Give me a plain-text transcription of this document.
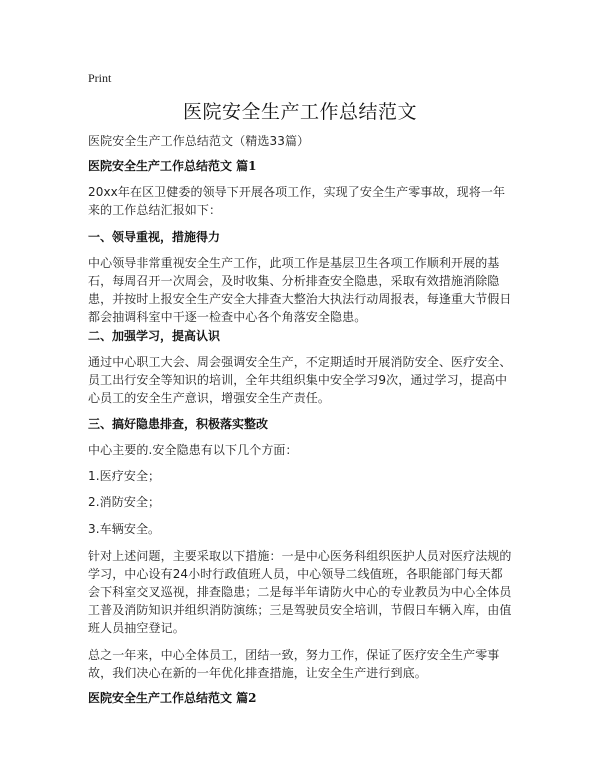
Print
医院安全生产工作总结范文
医院安全生产工作总结范文（精选33篇）
医院安全生产工作总结范文 篇1
20xx年在区卫健委的领导下开展各项工作，实现了安全生产零事故，现将一年来的工作总结汇报如下：
一、领导重视，措施得力
中心领导非常重视安全生产工作，此项工作是基层卫生各项工作顺利开展的基石，每周召开一次周会，及时收集、分析排查安全隐患，采取有效措施消除隐患，并按时上报安全生产安全大排查大整治大执法行动周报表，每逢重大节假日都会抽调科室中干逐一检查中心各个角落安全隐患。
二、加强学习，提高认识
通过中心职工大会、周会强调安全生产，不定期适时开展消防安全、医疗安全、员工出行安全等知识的培训，全年共组织集中安全学习9次，通过学习，提高中心员工的安全生产意识，增强安全生产责任。
三、搞好隐患排查，积极落实整改
中心主要的.安全隐患有以下几个方面：
1.医疗安全；
2.消防安全；
3.车辆安全。
针对上述问题，主要采取以下措施：一是中心医务科组织医护人员对医疗法规的学习，中心设有24小时行政值班人员，中心领导二线值班，各职能部门每天都会下科室交叉巡视，排查隐患；二是每半年请防火中心的专业教员为中心全体员工普及消防知识并组织消防演练；三是驾驶员安全培训，节假日车辆入库，由值班人员抽空登记。
总之一年来，中心全体员工，团结一致，努力工作，保证了医疗安全生产零事故，我们决心在新的一年优化排查措施，让安全生产进行到底。
医院安全生产工作总结范文 篇2
